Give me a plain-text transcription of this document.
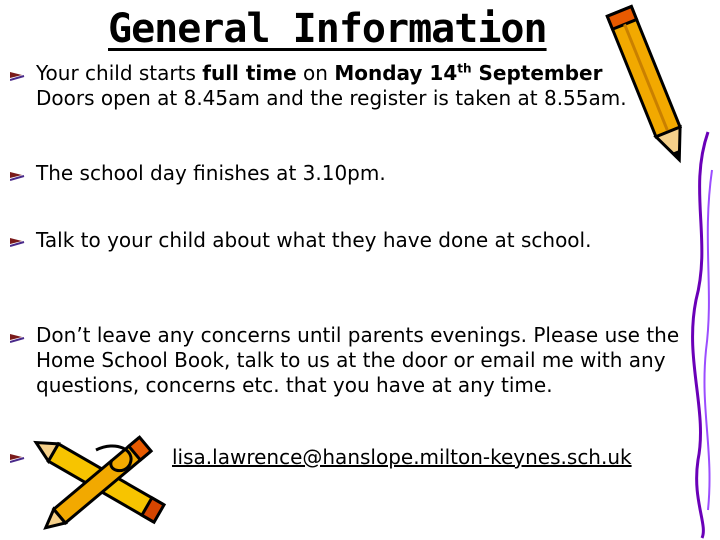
General Information

Your child starts full time on Monday 14th September
Doors open at 8.45am and the register is taken at 8.55am.

The school day finishes at 3.10pm.

Talk to your child about what they have done at school.

Don’t leave any concerns until parents evenings. Please use the Home School Book, talk to us at the door or email me with any questions, concerns etc. that you have at any time.

lisa.lawrence@hanslope.milton-keynes.sch.uk
